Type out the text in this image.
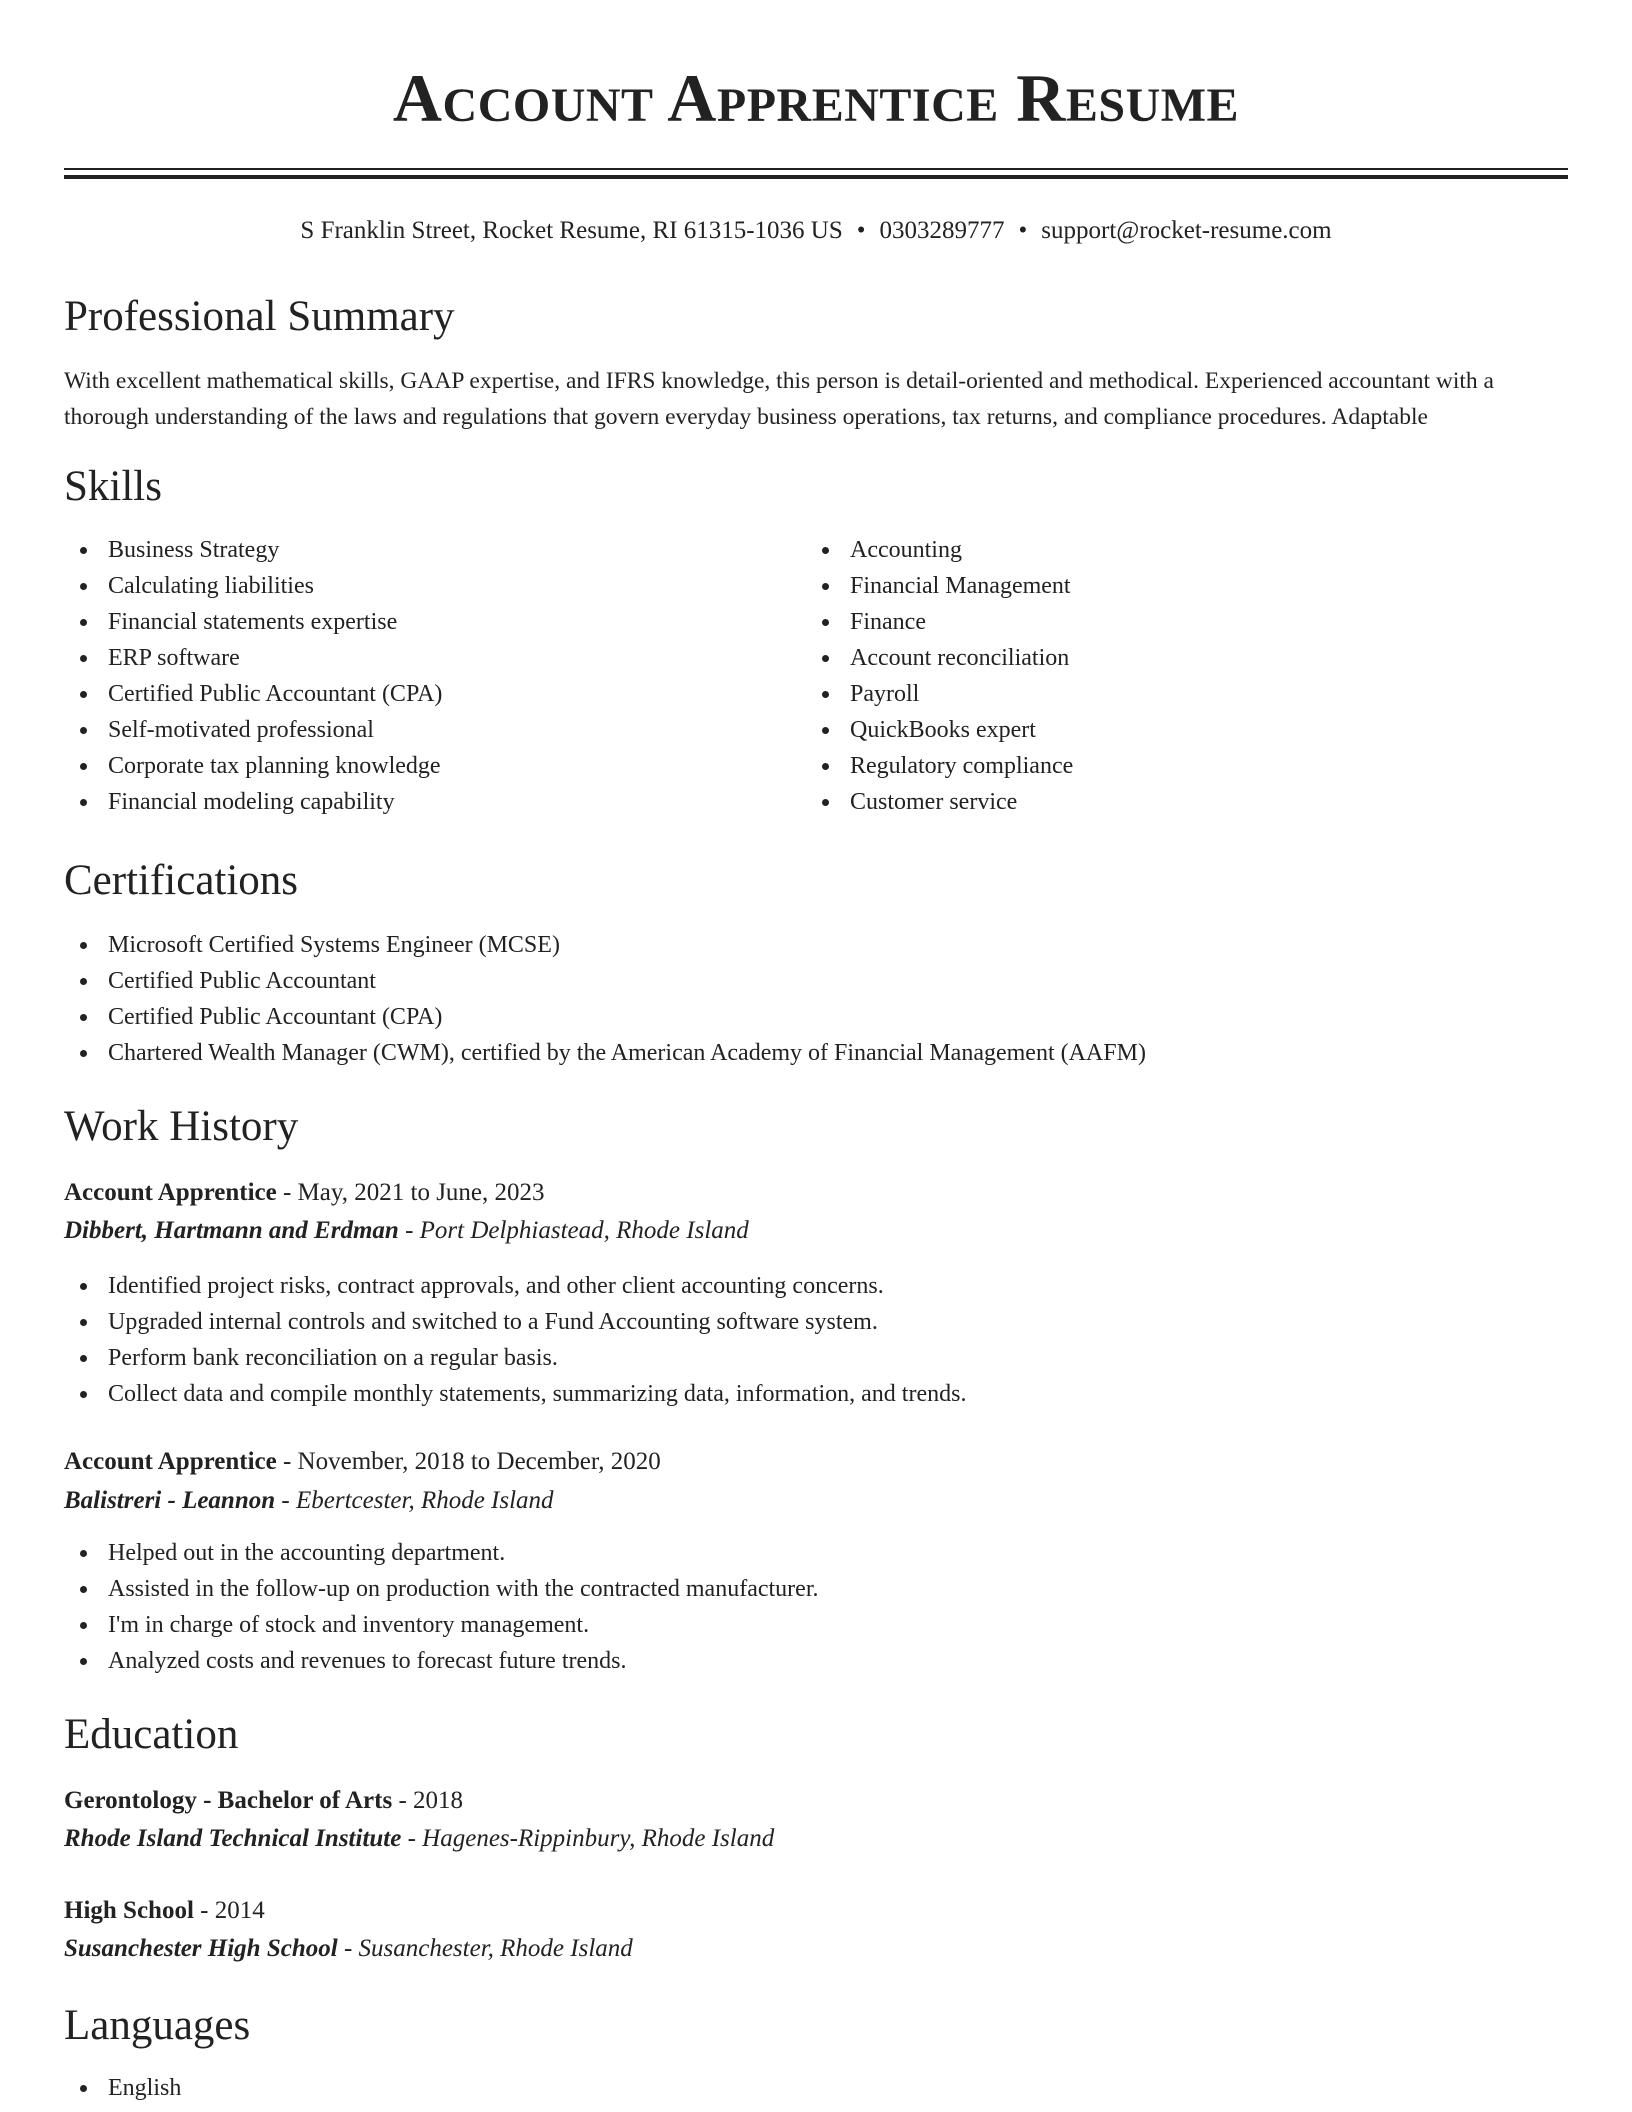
Account Apprentice Resume
S Franklin Street, Rocket Resume, RI 61315-1036 US • 0303289777 • support@rocket-resume.com
Professional Summary

With excellent mathematical skills, GAAP expertise, and IFRS knowledge, this person is detail-oriented and methodical. Experienced accountant with a thorough understanding of the laws and regulations that govern everyday business operations, tax returns, and compliance procedures. Adaptable

Skills
Business Strategy
Calculating liabilities
Financial statements expertise
ERP software
Certified Public Accountant (CPA)
Self-motivated professional
Corporate tax planning knowledge
Financial modeling capability
Accounting
Financial Management
Finance
Account reconciliation
Payroll
QuickBooks expert
Regulatory compliance
Customer service
Certifications
Microsoft Certified Systems Engineer (MCSE)
Certified Public Accountant
Certified Public Accountant (CPA)
Chartered Wealth Manager (CWM), certified by the American Academy of Financial Management (AAFM)
Work History
Account Apprentice - May, 2021 to June, 2023
Dibbert, Hartmann and Erdman - Port Delphiastead, Rhode Island
Identified project risks, contract approvals, and other client accounting concerns.
Upgraded internal controls and switched to a Fund Accounting software system.
Perform bank reconciliation on a regular basis.
Collect data and compile monthly statements, summarizing data, information, and trends.
Account Apprentice - November, 2018 to December, 2020
Balistreri - Leannon - Ebertcester, Rhode Island
Helped out in the accounting department.
Assisted in the follow-up on production with the contracted manufacturer.
I'm in charge of stock and inventory management.
Analyzed costs and revenues to forecast future trends.
Education
Gerontology - Bachelor of Arts - 2018
Rhode Island Technical Institute - Hagenes-Rippinbury, Rhode Island
High School - 2014
Susanchester High School - Susanchester, Rhode Island
Languages
English
